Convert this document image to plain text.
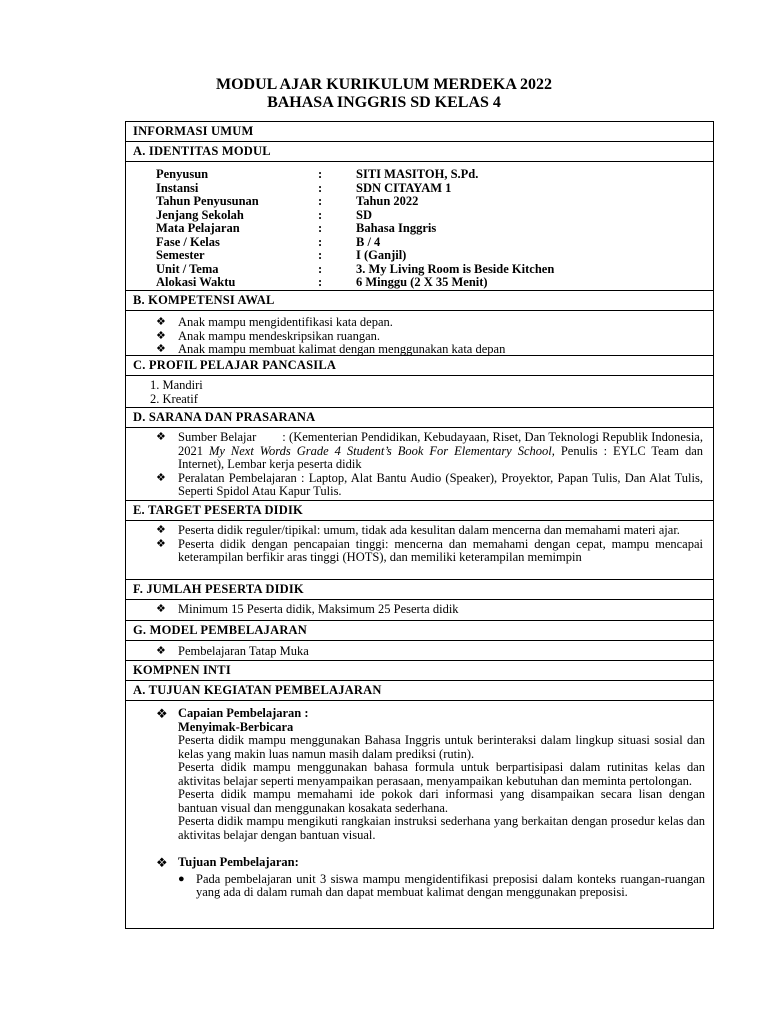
MODUL AJAR KURIKULUM MERDEKA 2022
BAHASA INGGRIS SD KELAS 4
INFORMASI UMUM
A. IDENTITAS MODUL
Penyusun	:	SITI MASITOH, S.Pd.
Instansi	:	SDN CITAYAM 1
Tahun Penyusunan	:	Tahun 2022
Jenjang Sekolah	:	SD
Mata Pelajaran	:	Bahasa Inggris
Fase / Kelas	:	B / 4
Semester	:	I (Ganjil)
Unit / Tema	:	3. My Living Room is Beside Kitchen
Alokasi Waktu	:	6 Minggu (2 X 35 Menit)
B. KOMPETENSI AWAL
❖ Anak mampu mengidentifikasi kata depan.
❖ Anak mampu mendeskripsikan ruangan.
❖ Anak mampu membuat kalimat dengan menggunakan kata depan
C. PROFIL PELAJAR PANCASILA
1. Mandiri
2. Kreatif
D. SARANA DAN PRASARANA
❖ Sumber Belajar : (Kementerian Pendidikan, Kebudayaan, Riset, Dan Teknologi Republik Indonesia, 2021 My Next Words Grade 4 Student’s Book For Elementary School, Penulis : EYLC Team dan Internet), Lembar kerja peserta didik
❖ Peralatan Pembelajaran : Laptop, Alat Bantu Audio (Speaker), Proyektor, Papan Tulis, Dan Alat Tulis, Seperti Spidol Atau Kapur Tulis.
E. TARGET PESERTA DIDIK
❖ Peserta didik reguler/tipikal: umum, tidak ada kesulitan dalam mencerna dan memahami materi ajar.
❖ Peserta didik dengan pencapaian tinggi: mencerna dan memahami dengan cepat, mampu mencapai keterampilan berfikir aras tinggi (HOTS), dan memiliki keterampilan memimpin
F. JUMLAH PESERTA DIDIK
❖ Minimum 15 Peserta didik, Maksimum 25 Peserta didik
G. MODEL PEMBELAJARAN
❖ Pembelajaran Tatap Muka
KOMPNEN INTI
A. TUJUAN KEGIATAN PEMBELAJARAN
❖ Capaian Pembelajaran :
Menyimak-Berbicara
Peserta didik mampu menggunakan Bahasa Inggris untuk berinteraksi dalam lingkup situasi sosial dan kelas yang makin luas namun masih dalam prediksi (rutin).
Peserta didik mampu menggunakan bahasa formula untuk berpartisipasi dalam rutinitas kelas dan aktivitas belajar seperti menyampaikan perasaan, menyampaikan kebutuhan dan meminta pertolongan.
Peserta didik mampu memahami ide pokok dari informasi yang disampaikan secara lisan dengan bantuan visual dan menggunakan kosakata sederhana.
Peserta didik mampu mengikuti rangkaian instruksi sederhana yang berkaitan dengan prosedur kelas dan aktivitas belajar dengan bantuan visual.
❖ Tujuan Pembelajaran:
● Pada pembelajaran unit 3 siswa mampu mengidentifikasi preposisi dalam konteks ruangan-ruangan yang ada di dalam rumah dan dapat membuat kalimat dengan menggunakan preposisi.
